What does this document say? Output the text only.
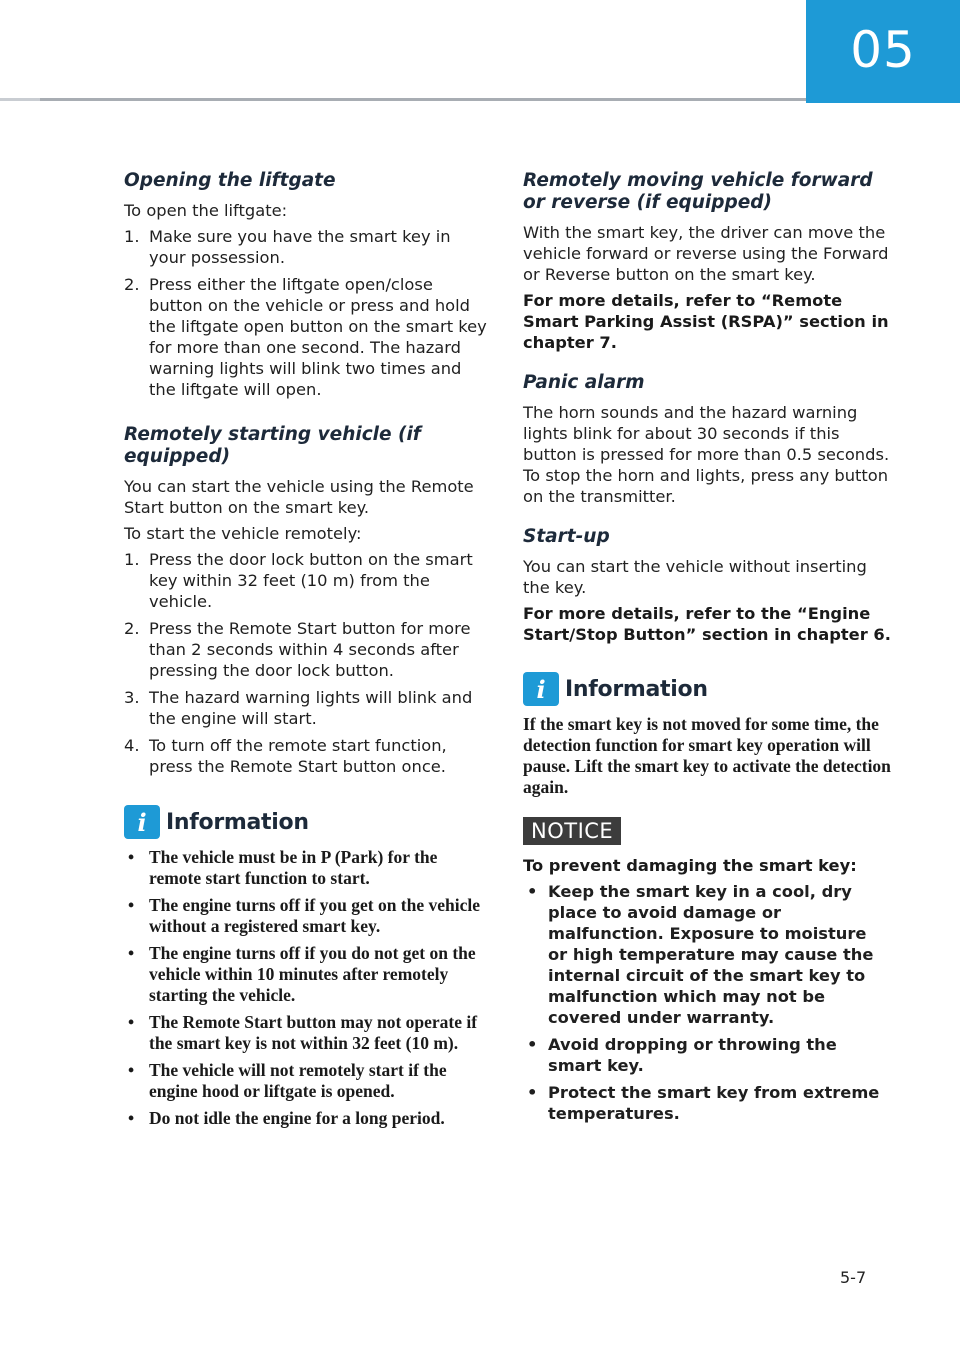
05
Opening the liftgate

To open the liftgate:

1. Make sure you have the smart key in your possession.
2. Press either the liftgate open/close button on the vehicle or press and hold the liftgate open button on the smart key for more than one second. The hazard warning lights will blink two times and the liftgate will open.
Remotely starting vehicle (if equipped)

You can start the vehicle using the Remote Start button on the smart key.

To start the vehicle remotely:

1. Press the door lock button on the smart key within 32 feet (10 m) from the vehicle.
2. Press the Remote Start button for more than 2 seconds within 4 seconds after pressing the door lock button.
3. The hazard warning lights will blink and the engine will start.
4. To turn off the remote start function, press the Remote Start button once.
i Information
• The vehicle must be in P (Park) for the remote start function to start.
• The engine turns off if you get on the vehicle without a registered smart key.
• The engine turns off if you do not get on the vehicle within 10 minutes after remotely starting the vehicle.
• The Remote Start button may not operate if the smart key is not within 32 feet (10 m).
• The vehicle will not remotely start if the engine hood or liftgate is opened.
• Do not idle the engine for a long period.
Remotely moving vehicle forward or reverse (if equipped)

With the smart key, the driver can move the vehicle forward or reverse using the Forward or Reverse button on the smart key.

For more details, refer to “Remote Smart Parking Assist (RSPA)” section in chapter 7.

Panic alarm

The horn sounds and the hazard warning lights blink for about 30 seconds if this button is pressed for more than 0.5 seconds. To stop the horn and lights, press any button on the transmitter.

Start-up

You can start the vehicle without inserting the key.

For more details, refer to the “Engine Start/Stop Button” section in chapter 6.

i Information

If the smart key is not moved for some time, the detection function for smart key operation will pause. Lift the smart key to activate the detection again.

NOTICE

To prevent damaging the smart key:

• Keep the smart key in a cool, dry place to avoid damage or malfunction. Exposure to moisture or high temperature may cause the internal circuit of the smart key to malfunction which may not be covered under warranty.
• Avoid dropping or throwing the smart key.
• Protect the smart key from extreme temperatures.
5-7
